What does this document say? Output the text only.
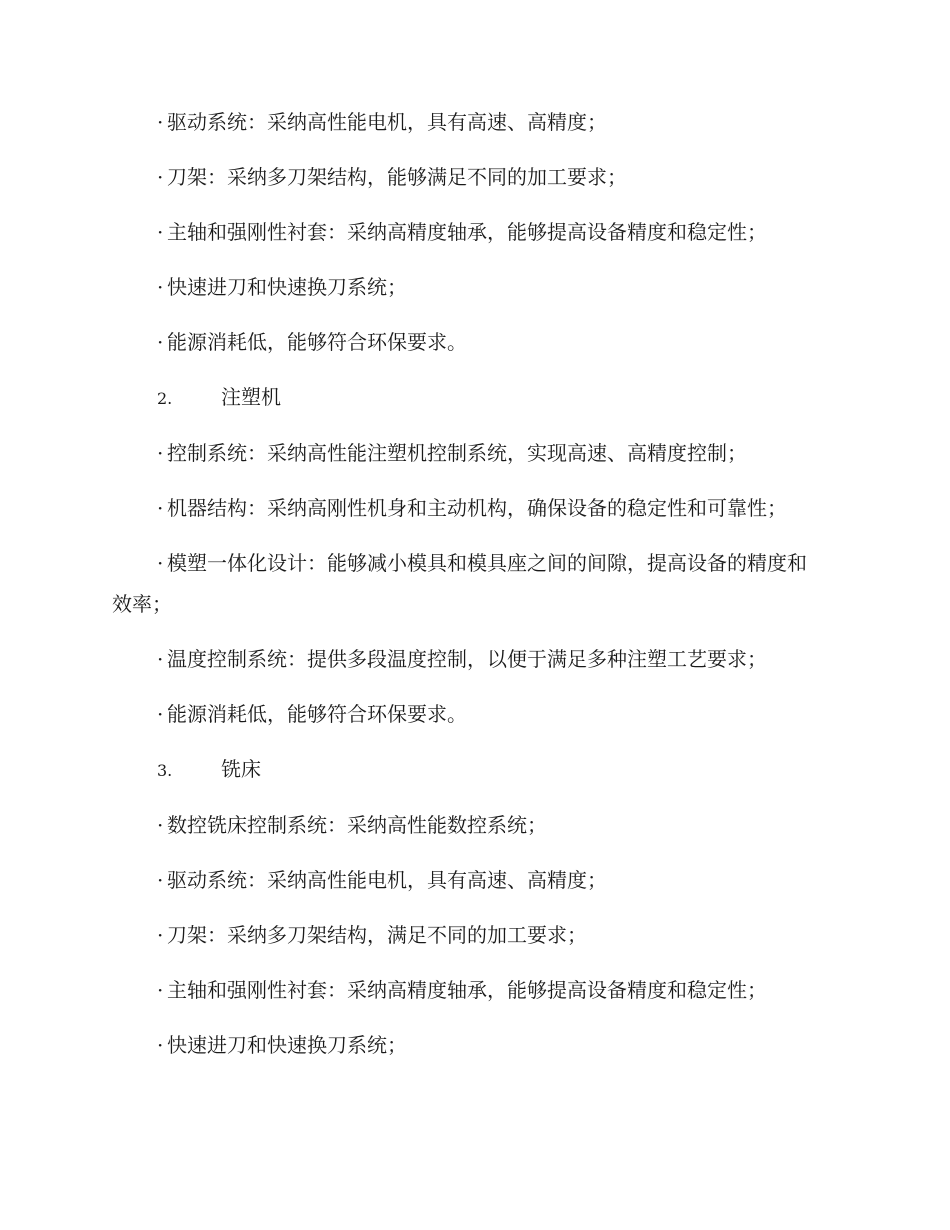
· 驱动系统：采纳高性能电机，具有高速、高精度；

· 刀架：采纳多刀架结构，能够满足不同的加工要求；

· 主轴和强刚性衬套：采纳高精度轴承，能够提高设备精度和稳定性；

· 快速进刀和快速换刀系统；

· 能源消耗低，能够符合环保要求。

2. 注塑机

· 控制系统：采纳高性能注塑机控制系统，实现高速、高精度控制；

· 机器结构：采纳高刚性机身和主动机构，确保设备的稳定性和可靠性；

· 模塑一体化设计：能够减小模具和模具座之间的间隙，提高设备的精度和效率；

· 温度控制系统：提供多段温度控制，以便于满足多种注塑工艺要求；

· 能源消耗低，能够符合环保要求。

3. 铣床

· 数控铣床控制系统：采纳高性能数控系统；

· 驱动系统：采纳高性能电机，具有高速、高精度；

· 刀架：采纳多刀架结构，满足不同的加工要求；

· 主轴和强刚性衬套：采纳高精度轴承，能够提高设备精度和稳定性；

· 快速进刀和快速换刀系统；
